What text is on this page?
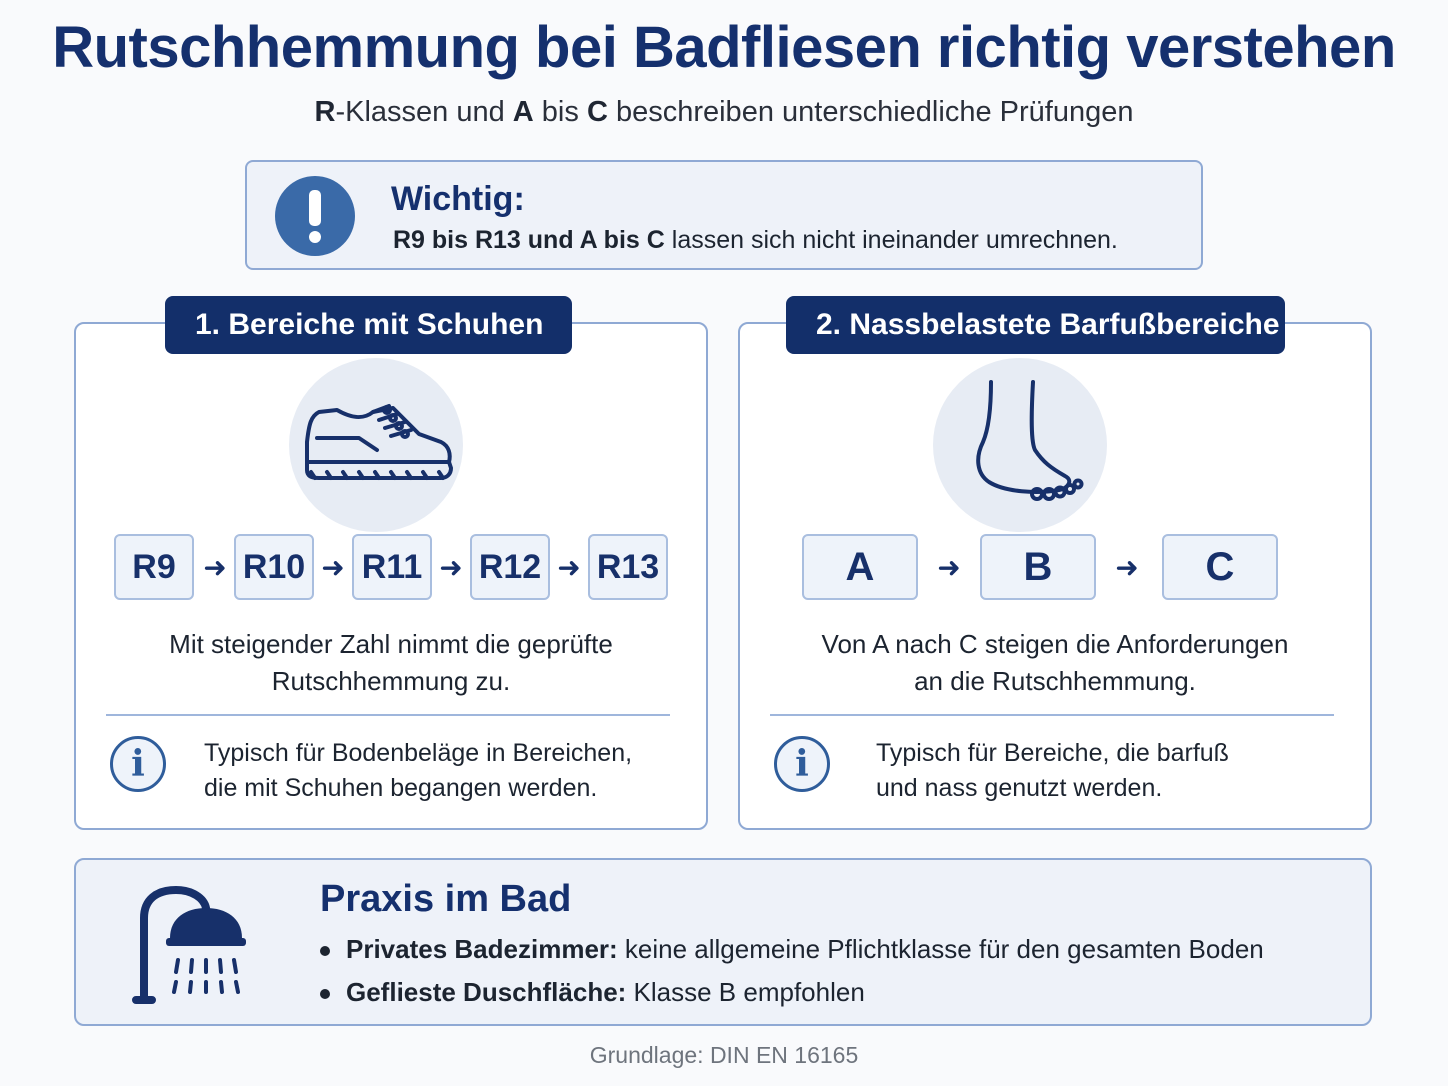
Rutschhemmung bei Badfliesen richtig verstehen
R-Klassen und A bis C beschreiben unterschiedliche Prüfungen
Wichtig:
R9 bis R13 und A bis C lassen sich nicht ineinander umrechnen.
R9 ➜ R10 ➜ R11 ➜ R12 ➜ R13
Mit steigender Zahl nimmt die geprüfte
Rutschhemmung zu.
i	Typisch für Bodenbeläge in Bereichen,
die mit Schuhen begangen werden.
1. Bereiche mit Schuhen
A	➜	B	➜	C
Von A nach C steigen die Anforderungen
an die Rutschhemmung.
i	Typisch für Bereiche, die barfuß
und nass genutzt werden.
2. Nassbelastete Barfußbereiche
Praxis im Bad
Privates Badezimmer: keine allgemeine Pflichtklasse für den gesamten Boden
Geflieste Duschfläche: Klasse B empfohlen
Grundlage: DIN EN 16165
